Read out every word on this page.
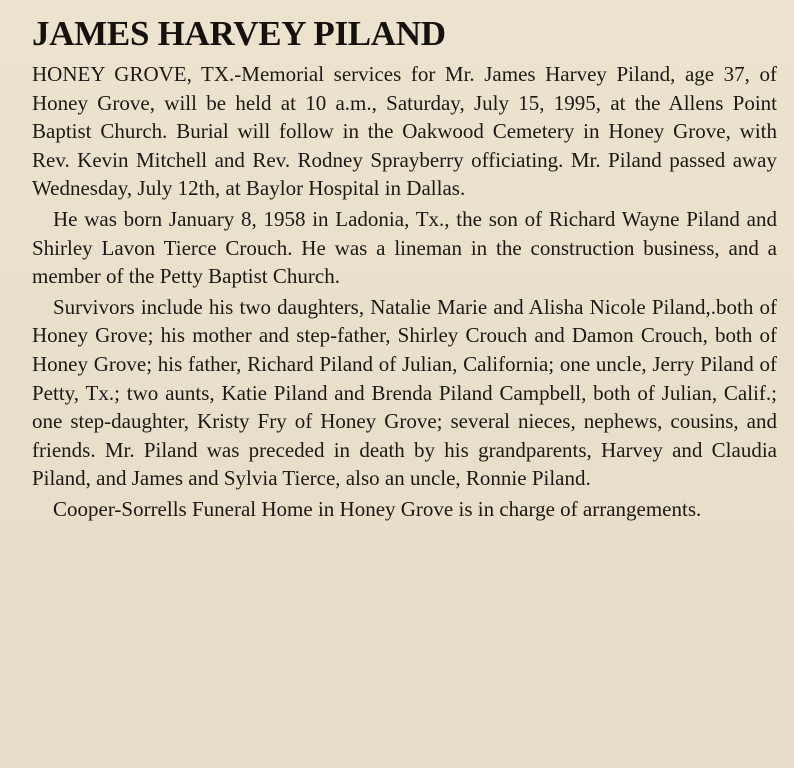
JAMES HARVEY PILAND

HONEY GROVE, TX.-Memorial services for Mr. James Harvey Piland, age 37, of Honey Grove, will be held at 10 a.m., Saturday, July 15, 1995, at the Allens Point Baptist Church. Burial will follow in the Oakwood Cemetery in Honey Grove, with Rev. Kevin Mitchell and Rev. Rodney Sprayberry officiating. Mr. Piland passed away Wednesday, July 12th, at Baylor Hospital in Dallas.

He was born January 8, 1958 in Ladonia, Tx., the son of Richard Wayne Piland and Shirley Lavon Tierce Crouch. He was a lineman in the construction business, and a member of the Petty Baptist Church.

Survivors include his two daughters, Natalie Marie and Alisha Nicole Piland,.both of Honey Grove; his mother and step-father, Shirley Crouch and Damon Crouch, both of Honey Grove; his father, Richard Piland of Julian, California; one uncle, Jerry Piland of Petty, Tx.; two aunts, Katie Piland and Brenda Piland Campbell, both of Julian, Calif.; one step-daughter, Kristy Fry of Honey Grove; several nieces, nephews, cousins, and friends. Mr. Piland was preceded in death by his grandparents, Harvey and Claudia Piland, and James and Sylvia Tierce, also an uncle, Ronnie Piland.

Cooper-Sorrells Funeral Home in Honey Grove is in charge of arrangements.
